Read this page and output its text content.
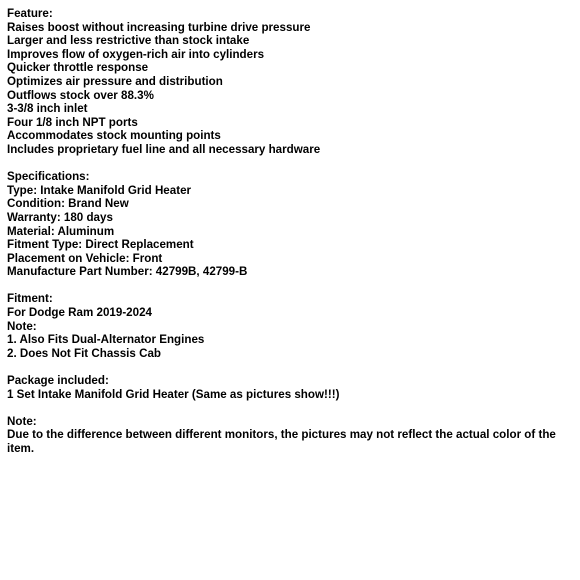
Feature:
Raises boost without increasing turbine drive pressure
Larger and less restrictive than stock intake
Improves flow of oxygen-rich air into cylinders
Quicker throttle response
Optimizes air pressure and distribution
Outflows stock over 88.3%
3-3/8 inch inlet
Four 1/8 inch NPT ports
Accommodates stock mounting points
Includes proprietary fuel line and all necessary hardware
Specifications:
Type: Intake Manifold Grid Heater
Condition: Brand New
Warranty: 180 days
Material: Aluminum
Fitment Type: Direct Replacement
Placement on Vehicle: Front
Manufacture Part Number: 42799B, 42799-B
Fitment:
For Dodge Ram 2019-2024
Note:
1. Also Fits Dual-Alternator Engines
2. Does Not Fit Chassis Cab
Package included:
1 Set Intake Manifold Grid Heater (Same as pictures show!!!)
Note:
Due to the difference between different monitors, the pictures may not reflect the actual color of the item.
